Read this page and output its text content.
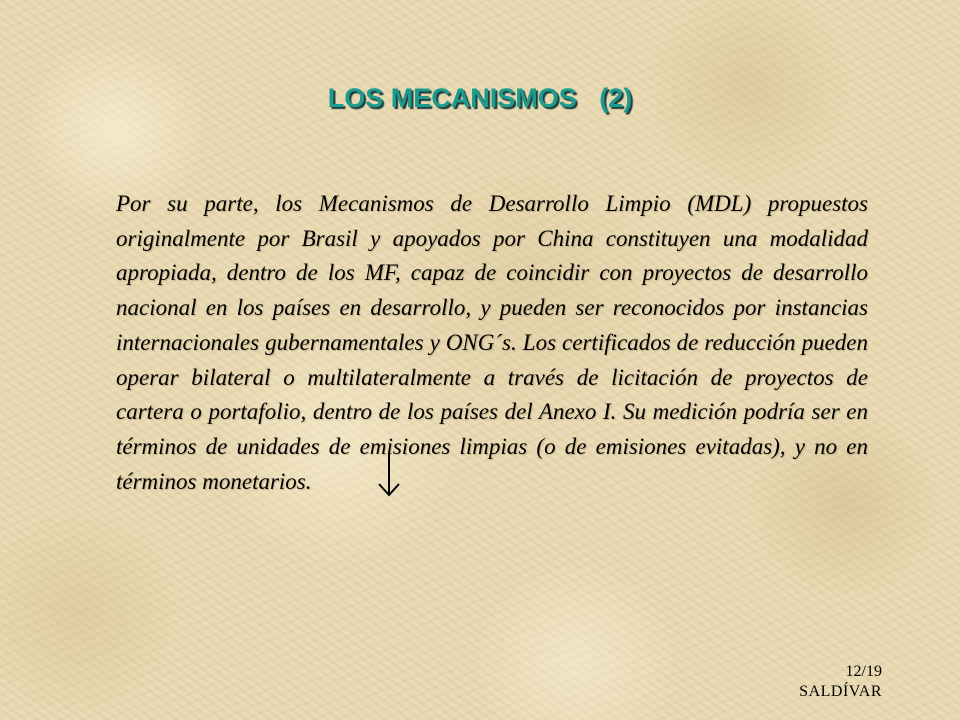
LOS MECANISMOS   (2)
Por su parte, los Mecanismos de Desarrollo Limpio (MDL) propuestos originalmente por Brasil y apoyados por China constituyen una modalidad apropiada, dentro de los MF, capaz de coincidir con proyectos de desarrollo nacional en los países en desarrollo, y pueden ser reconocidos por instancias internacionales gubernamentales y ONG´s. Los certificados de reducción pueden operar bilateral o multilateralmente a través de licitación de proyectos de cartera o portafolio, dentro de los países del Anexo I. Su medición podría ser en términos de unidades de emisiones limpias (o de emisiones evitadas), y no en términos monetarios.
12/19
SALDÍVAR
